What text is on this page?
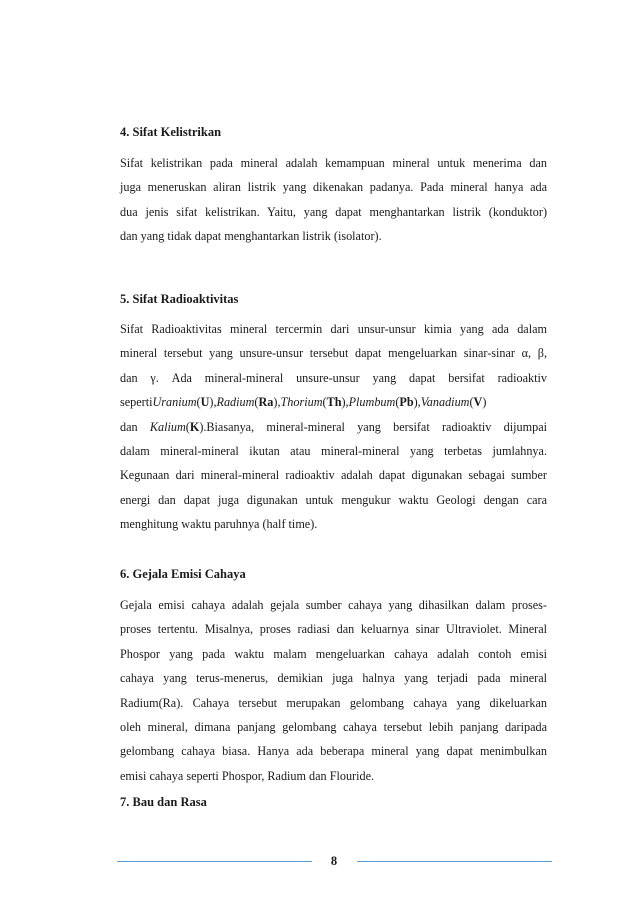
4. Sifat Kelistrikan
Sifat kelistrikan pada mineral adalah kemampuan mineral untuk menerima dan
juga meneruskan aliran listrik yang dikenakan padanya. Pada mineral hanya ada
dua jenis sifat kelistrikan. Yaitu, yang dapat menghantarkan listrik (konduktor)
dan yang tidak dapat menghantarkan listrik (isolator).
5. Sifat Radioaktivitas
Sifat Radioaktivitas mineral tercermin dari unsur-unsur kimia yang ada dalam
mineral tersebut yang unsure-unsur tersebut dapat mengeluarkan sinar-sinar α, β,
dan γ. Ada mineral-mineral unsure-unsur yang dapat bersifat radioaktiv
sepertiUranium(U),Radium(Ra),Thorium(Th),Plumbum(Pb),Vanadium(V)
dan Kalium(K).Biasanya, mineral-mineral yang bersifat radioaktiv dijumpai
dalam mineral-mineral ikutan atau mineral-mineral yang terbetas jumlahnya.
Kegunaan dari mineral-mineral radioaktiv adalah dapat digunakan sebagai sumber
energi dan dapat juga digunakan untuk mengukur waktu Geologi dengan cara
menghitung waktu paruhnya (half time).
6. Gejala Emisi Cahaya
Gejala emisi cahaya adalah gejala sumber cahaya yang dihasilkan dalam proses-
proses tertentu. Misalnya, proses radiasi dan keluarnya sinar Ultraviolet. Mineral
Phospor yang pada waktu malam mengeluarkan cahaya adalah contoh emisi
cahaya yang terus-menerus, demikian juga halnya yang terjadi pada mineral
Radium(Ra). Cahaya tersebut merupakan gelombang cahaya yang dikeluarkan
oleh mineral, dimana panjang gelombang cahaya tersebut lebih panjang daripada
gelombang cahaya biasa. Hanya ada beberapa mineral yang dapat menimbulkan
emisi cahaya seperti Phospor, Radium dan Flouride.
7. Bau dan Rasa
8
